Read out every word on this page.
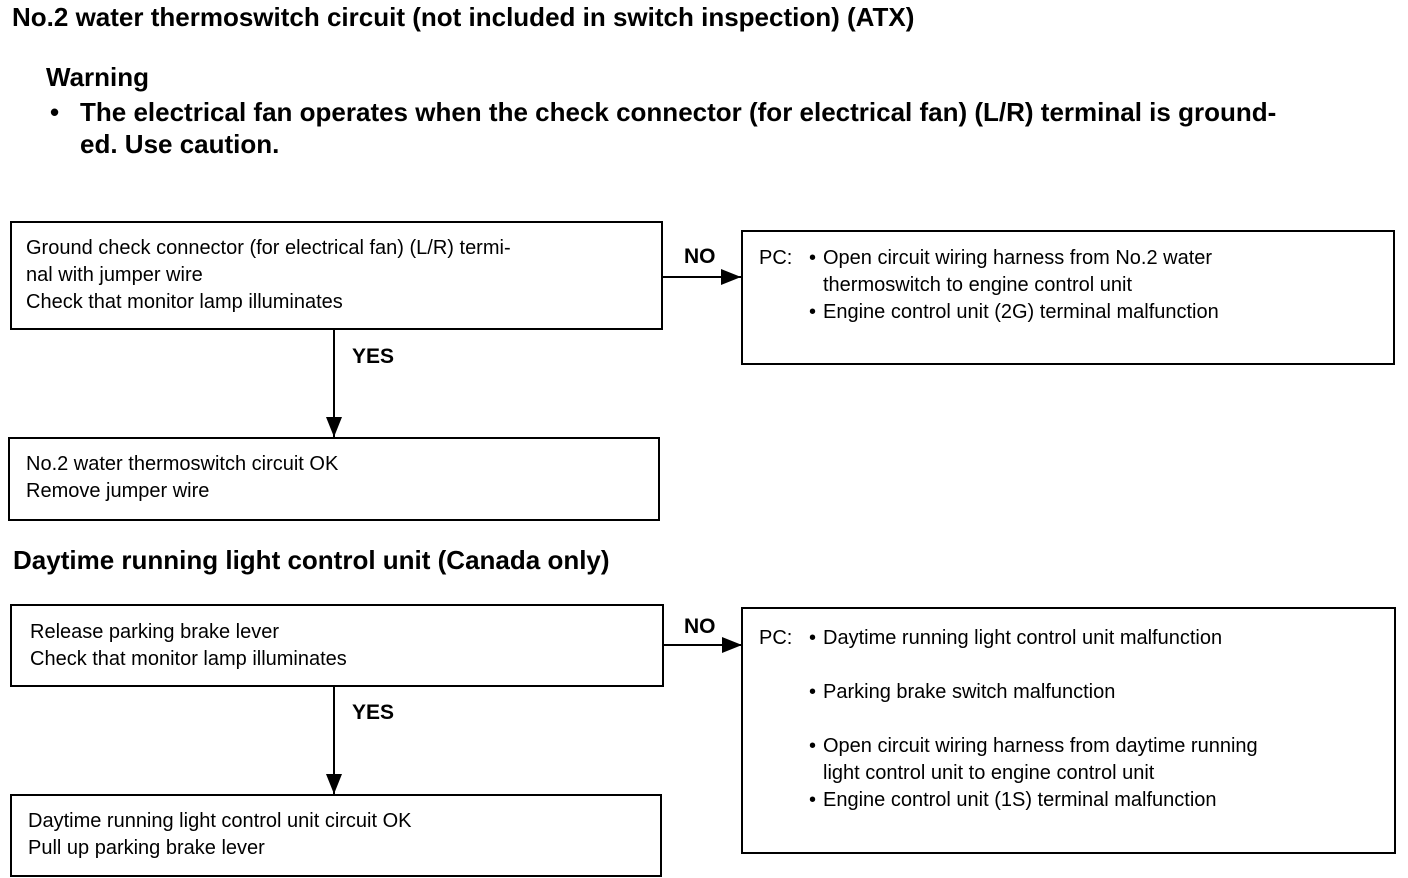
No.2 water thermoswitch circuit (not included in switch inspection) (ATX)
Warning
• The electrical fan operates when the check connector (for electrical fan) (L/R) terminal is ground-
ed. Use caution.
Ground check connector (for electrical fan) (L/R) termi-
nal with jumper wire
Check that monitor lamp illuminates
NO
YES
PC: • Open circuit wiring harness from No.2 water
thermoswitch to engine control unit
• Engine control unit (2G) terminal malfunction
No.2 water thermoswitch circuit OK
Remove jumper wire
Daytime running light control unit (Canada only)
Release parking brake lever
Check that monitor lamp illuminates
NO
YES
PC: • Daytime running light control unit malfunction
• Parking brake switch malfunction
• Open circuit wiring harness from daytime running
light control unit to engine control unit
• Engine control unit (1S) terminal malfunction
Daytime running light control unit circuit OK
Pull up parking brake lever
